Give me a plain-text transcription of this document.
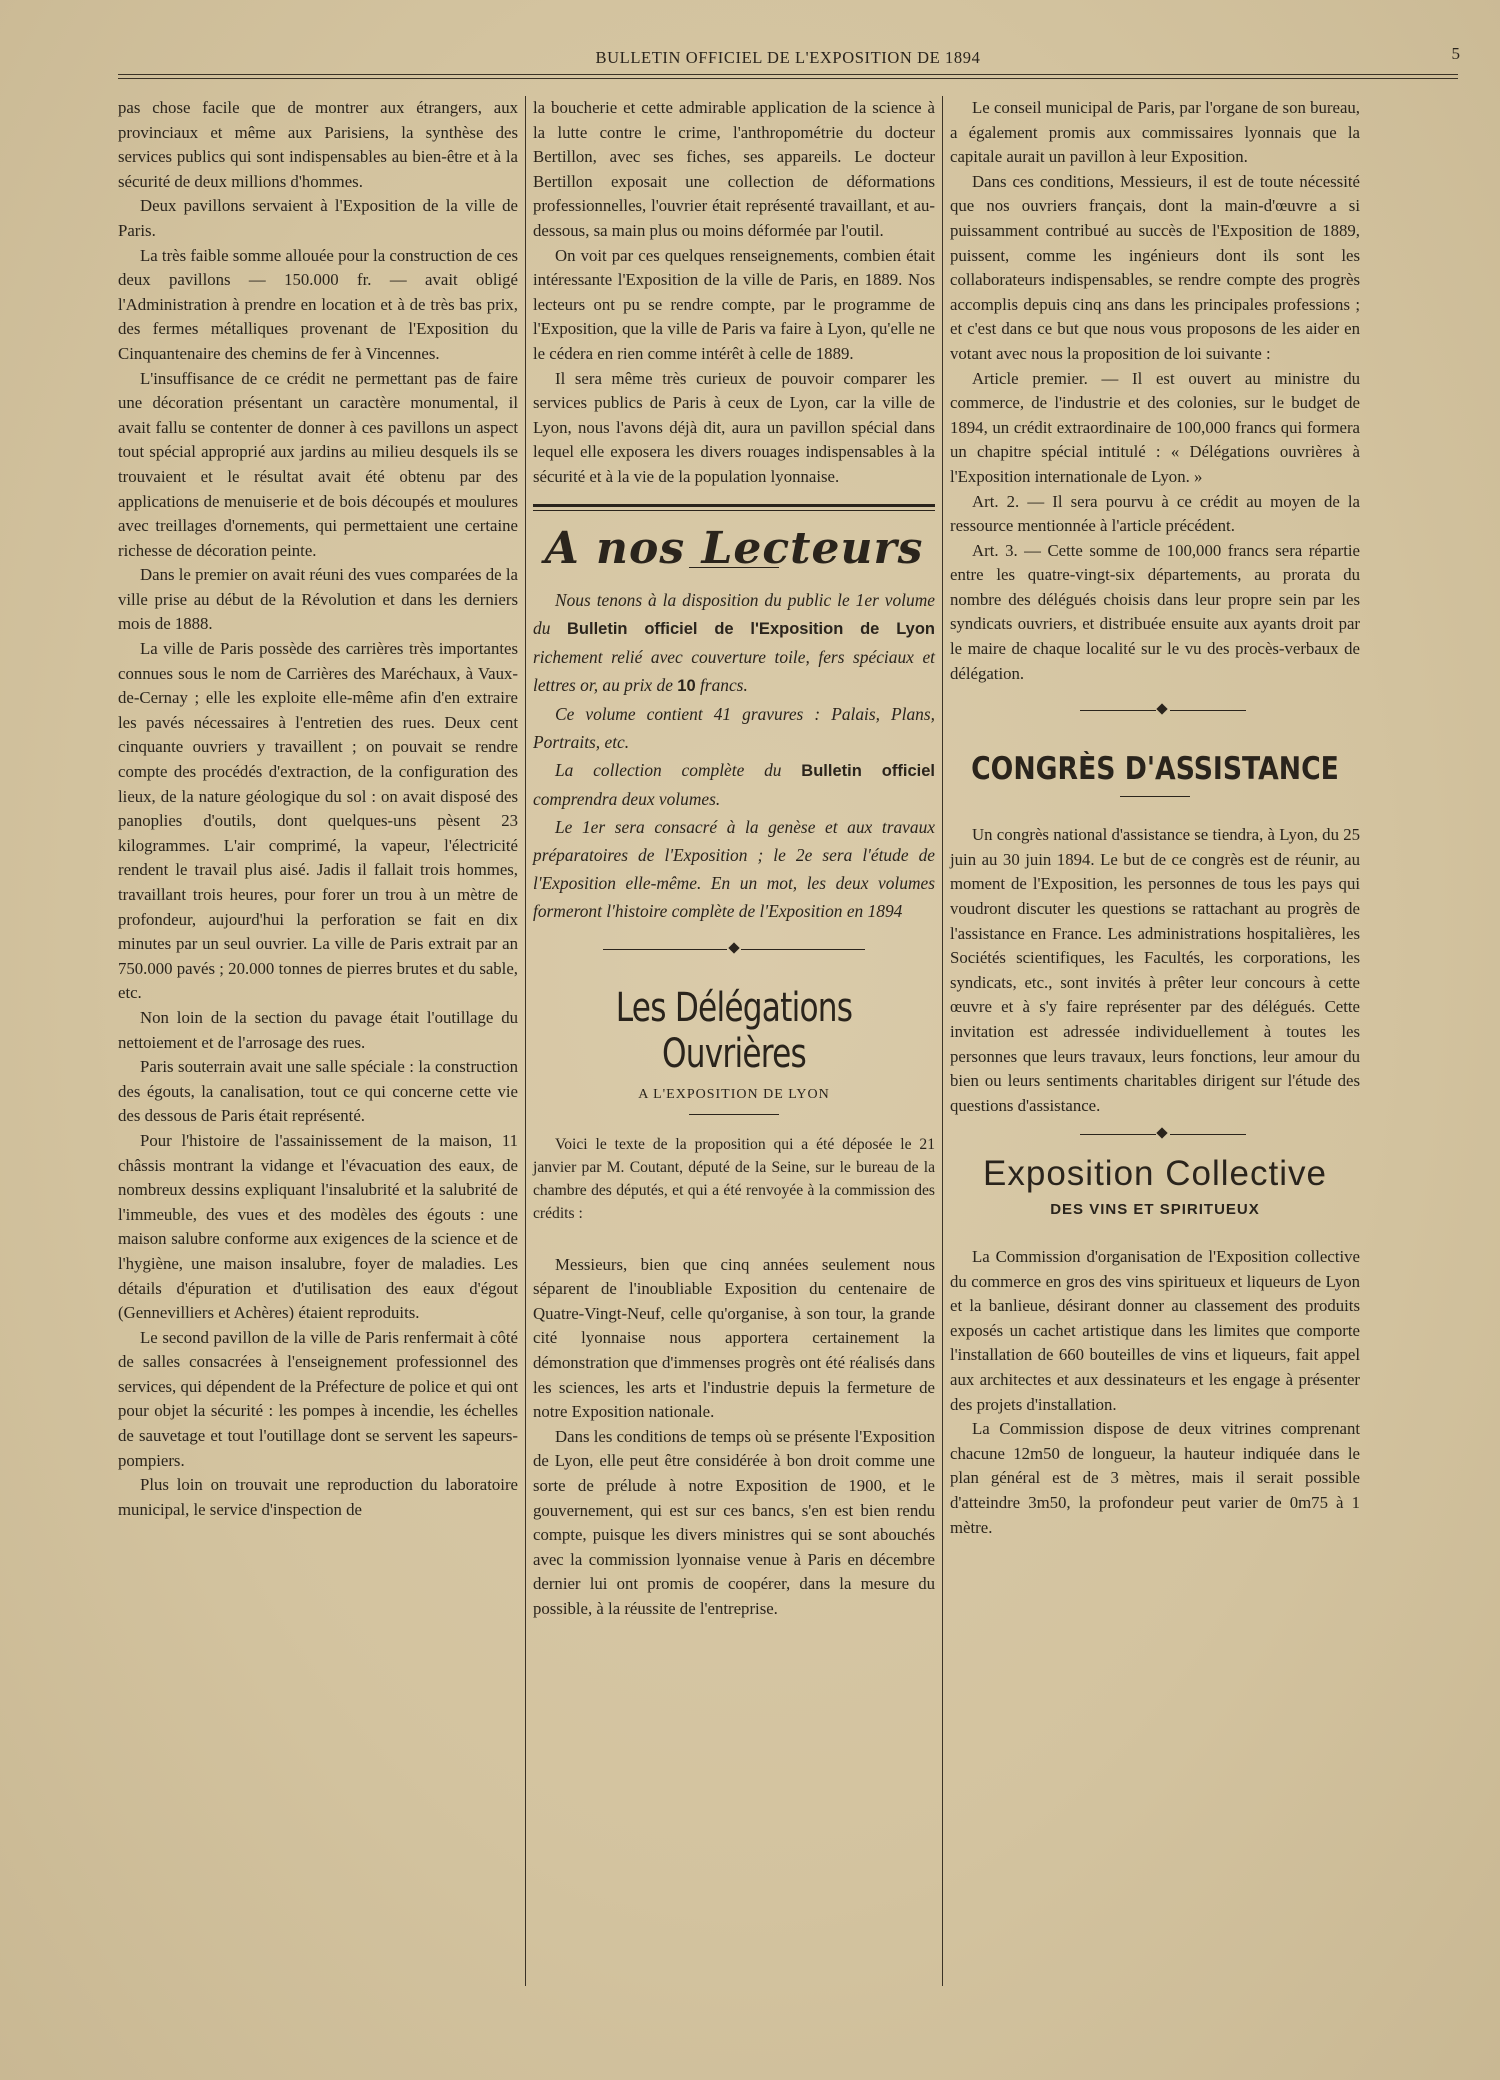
BULLETIN OFFICIEL DE L'EXPOSITION DE 1894	5

pas chose facile que de montrer aux étrangers, aux provinciaux et même aux Parisiens, la synthèse des services publics qui sont indispensables au bien-être et à la sécurité de deux millions d'hommes.

Deux pavillons servaient à l'Exposition de la ville de Paris.

La très faible somme allouée pour la construction de ces deux pavillons — 150.000 fr. — avait obligé l'Administration à prendre en location et à de très bas prix, des fermes métalliques provenant de l'Exposition du Cinquantenaire des chemins de fer à Vincennes.

L'insuffisance de ce crédit ne permettant pas de faire une décoration présentant un caractère monumental, il avait fallu se contenter de donner à ces pavillons un aspect tout spécial approprié aux jardins au milieu desquels ils se trouvaient et le résultat avait été obtenu par des applications de menuiserie et de bois découpés et moulures avec treillages d'ornements, qui permettaient une certaine richesse de décoration peinte.

Dans le premier on avait réuni des vues comparées de la ville prise au début de la Révolution et dans les derniers mois de 1888.

La ville de Paris possède des carrières très importantes connues sous le nom de Carrières des Maréchaux, à Vaux-de-Cernay ; elle les exploite elle-même afin d'en extraire les pavés nécessaires à l'entretien des rues. Deux cent cinquante ouvriers y travaillent ; on pouvait se rendre compte des procédés d'extraction, de la configuration des lieux, de la nature géologique du sol : on avait disposé des panoplies d'outils, dont quelques-uns pèsent 23 kilogrammes. L'air comprimé, la vapeur, l'électricité rendent le travail plus aisé. Jadis il fallait trois hommes, travaillant trois heures, pour forer un trou à un mètre de profondeur, aujourd'hui la perforation se fait en dix minutes par un seul ouvrier. La ville de Paris extrait par an 750.000 pavés ; 20.000 tonnes de pierres brutes et du sable, etc.

Non loin de la section du pavage était l'outillage du nettoiement et de l'arrosage des rues.

Paris souterrain avait une salle spéciale : la construction des égouts, la canalisation, tout ce qui concerne cette vie des dessous de Paris était représenté.

Pour l'histoire de l'assainissement de la maison, 11 châssis montrant la vidange et l'évacuation des eaux, de nombreux dessins expliquant l'insalubrité et la salubrité de l'immeuble, des vues et des modèles des égouts : une maison salubre conforme aux exigences de la science et de l'hygiène, une maison insalubre, foyer de maladies. Les détails d'épuration et d'utilisation des eaux d'égout (Gennevilliers et Achères) étaient reproduits.

Le second pavillon de la ville de Paris renfermait à côté de salles consacrées à l'enseignement professionnel des services, qui dépendent de la Préfecture de police et qui ont pour objet la sécurité : les pompes à incendie, les échelles de sauvetage et tout l'outillage dont se servent les sapeurs-pompiers.

Plus loin on trouvait une reproduction du laboratoire municipal, le service d'inspection de

la boucherie et cette admirable application de la science à la lutte contre le crime, l'anthropométrie du docteur Bertillon, avec ses fiches, ses appareils. Le docteur Bertillon exposait une collection de déformations professionnelles, l'ouvrier était représenté travaillant, et au-dessous, sa main plus ou moins déformée par l'outil.

On voit par ces quelques renseignements, combien était intéressante l'Exposition de la ville de Paris, en 1889. Nos lecteurs ont pu se rendre compte, par le programme de l'Exposition, que la ville de Paris va faire à Lyon, qu'elle ne le cédera en rien comme intérêt à celle de 1889.

Il sera même très curieux de pouvoir comparer les services publics de Paris à ceux de Lyon, car la ville de Lyon, nous l'avons déjà dit, aura un pavillon spécial dans lequel elle exposera les divers rouages indispensables à la sécurité et à la vie de la population lyonnaise.

A nos Lecteurs

Nous tenons à la disposition du public le 1er volume du Bulletin officiel de l'Exposition de Lyon richement relié avec couverture toile, fers spéciaux et lettres or, au prix de 10 francs.

Ce volume contient 41 gravures : Palais, Plans, Portraits, etc.

La collection complète du Bulletin officiel comprendra deux volumes.

Le 1er sera consacré à la genèse et aux travaux préparatoires de l'Exposition ; le 2e sera l'étude de l'Exposition elle-même. En un mot, les deux volumes formeront l'histoire complète de l'Exposition en 1894

Les Délégations Ouvrières
A L'EXPOSITION DE LYON

Voici le texte de la proposition qui a été déposée le 21 janvier par M. Coutant, député de la Seine, sur le bureau de la chambre des députés, et qui a été renvoyée à la commission des crédits :

Messieurs, bien que cinq années seulement nous séparent de l'inoubliable Exposition du centenaire de Quatre-Vingt-Neuf, celle qu'organise, à son tour, la grande cité lyonnaise nous apportera certainement la démonstration que d'immenses progrès ont été réalisés dans les sciences, les arts et l'industrie depuis la fermeture de notre Exposition nationale.

Dans les conditions de temps où se présente l'Exposition de Lyon, elle peut être considérée à bon droit comme une sorte de prélude à notre Exposition de 1900, et le gouvernement, qui est sur ces bancs, s'en est bien rendu compte, puisque les divers ministres qui se sont abouchés avec la commission lyonnaise venue à Paris en décembre dernier lui ont promis de coopérer, dans la mesure du possible, à la réussite de l'entreprise.

Le conseil municipal de Paris, par l'organe de son bureau, a également promis aux commissaires lyonnais que la capitale aurait un pavillon à leur Exposition.

Dans ces conditions, Messieurs, il est de toute nécessité que nos ouvriers français, dont la main-d'œuvre a si puissamment contribué au succès de l'Exposition de 1889, puissent, comme les ingénieurs dont ils sont les collaborateurs indispensables, se rendre compte des progrès accomplis depuis cinq ans dans les principales professions ; et c'est dans ce but que nous vous proposons de les aider en votant avec nous la proposition de loi suivante :

Article premier. — Il est ouvert au ministre du commerce, de l'industrie et des colonies, sur le budget de 1894, un crédit extraordinaire de 100,000 francs qui formera un chapitre spécial intitulé : « Délégations ouvrières à l'Exposition internationale de Lyon. »

Art. 2. — Il sera pourvu à ce crédit au moyen de la ressource mentionnée à l'article précédent.

Art. 3. — Cette somme de 100,000 francs sera répartie entre les quatre-vingt-six départements, au prorata du nombre des délégués choisis dans leur propre sein par les syndicats ouvriers, et distribuée ensuite aux ayants droit par le maire de chaque localité sur le vu des procès-verbaux de délégation.

CONGRÈS D'ASSISTANCE

Un congrès national d'assistance se tiendra, à Lyon, du 25 juin au 30 juin 1894. Le but de ce congrès est de réunir, au moment de l'Exposition, les personnes de tous les pays qui voudront discuter les questions se rattachant au progrès de l'assistance en France. Les administrations hospitalières, les Sociétés scientifiques, les Facultés, les corporations, les syndicats, etc., sont invités à prêter leur concours à cette œuvre et à s'y faire représenter par des délégués. Cette invitation est adressée individuellement à toutes les personnes que leurs travaux, leurs fonctions, leur amour du bien ou leurs sentiments charitables dirigent sur l'étude des questions d'assistance.

Exposition Collective
DES VINS ET SPIRITUEUX

La Commission d'organisation de l'Exposition collective du commerce en gros des vins spiritueux et liqueurs de Lyon et la banlieue, désirant donner au classement des produits exposés un cachet artistique dans les limites que comporte l'installation de 660 bouteilles de vins et liqueurs, fait appel aux architectes et aux dessinateurs et les engage à présenter des projets d'installation.

La Commission dispose de deux vitrines comprenant chacune 12m50 de longueur, la hauteur indiquée dans le plan général est de 3 mètres, mais il serait possible d'atteindre 3m50, la profondeur peut varier de 0m75 à 1 mètre.
